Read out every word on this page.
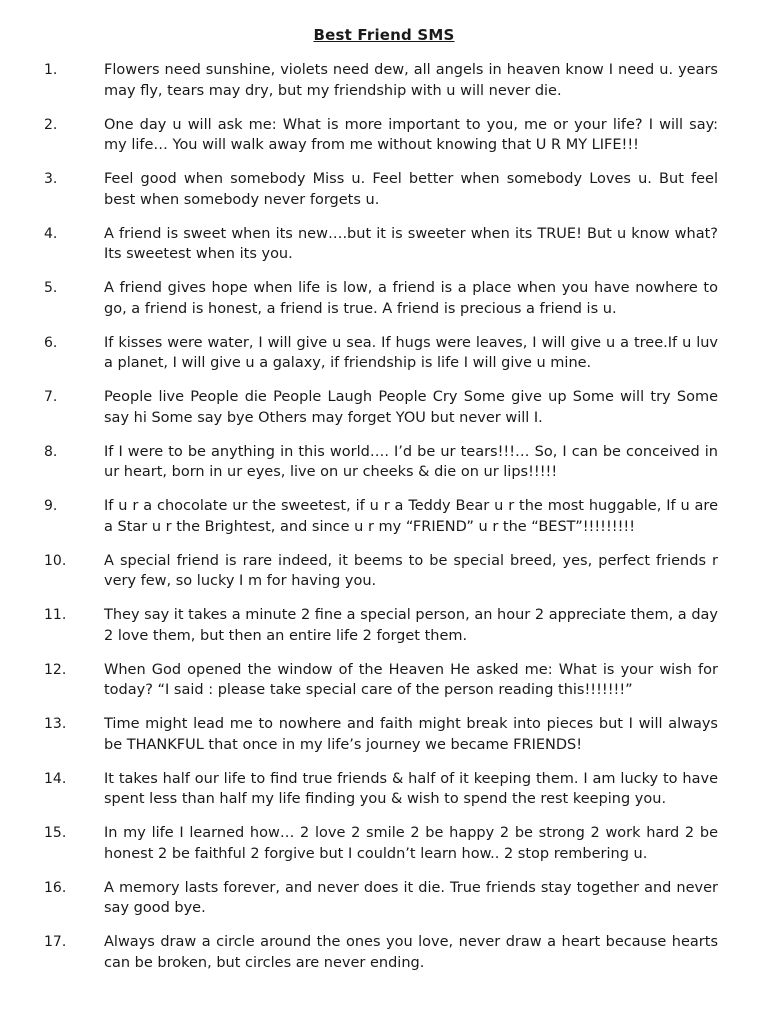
Best Friend SMS
1.	Flowers need sunshine, violets need dew, all angels in heaven know I need u. years may fly, tears may dry, but my friendship with u will never die.
2.	One day u will ask me: What is more important to you, me or your life? I will say: my life… You will walk away from me without knowing that U R MY LIFE!!!
3.	Feel good when somebody Miss u. Feel better when somebody Loves u. But feel best when somebody never forgets u.
4.	A friend is sweet when its new….but it is sweeter when its TRUE! But u know what? Its sweetest when its you.
5.	A friend gives hope when life is low, a friend is a place when you have nowhere to go, a friend is honest, a friend is true. A friend is precious a friend is u.
6.	If kisses were water, I will give u sea. If hugs were leaves, I will give u a tree.If u luv a planet, I will give u a galaxy, if friendship is life I will give u mine.
7.	People live People die People Laugh People Cry Some give up Some will try Some say hi Some say bye Others may forget YOU but never will I.
8.	If I were to be anything in this world…. I’d be ur tears!!!… So, I can be conceived in ur heart, born in ur eyes, live on ur cheeks & die on ur lips!!!!!
9.	If u r a chocolate ur the sweetest, if u r a Teddy Bear u r the most huggable, If u are a Star u r the Brightest, and since u r my “FRIEND” u r the “BEST”!!!!!!!!!
10.	A special friend is rare indeed, it beems to be special breed, yes, perfect friends r very few, so lucky I m for having you.
11.	They say it takes a minute 2 fine a special person, an hour 2 appreciate them, a day 2 love them, but then an entire life 2 forget them.
12.	When God opened the window of the Heaven He asked me: What is your wish for today? “I said : please take special care of the person reading this!!!!!!!”
13.	Time might lead me to nowhere and faith might break into pieces but I will always be THANKFUL that once in my life’s journey we became FRIENDS!
14.	It takes half our life to find true friends & half of it keeping them. I am lucky to have spent less than half my life finding you & wish to spend the rest keeping you.
15.	In my life I learned how… 2 love 2 smile 2 be happy 2 be strong 2 work hard 2 be honest 2 be faithful 2 forgive but I couldn’t learn how.. 2 stop rembering u.
16.	A memory lasts forever, and never does it die. True friends stay together and never say good bye.
17.	Always draw a circle around the ones you love, never draw a heart because hearts can be broken, but circles are never ending.
